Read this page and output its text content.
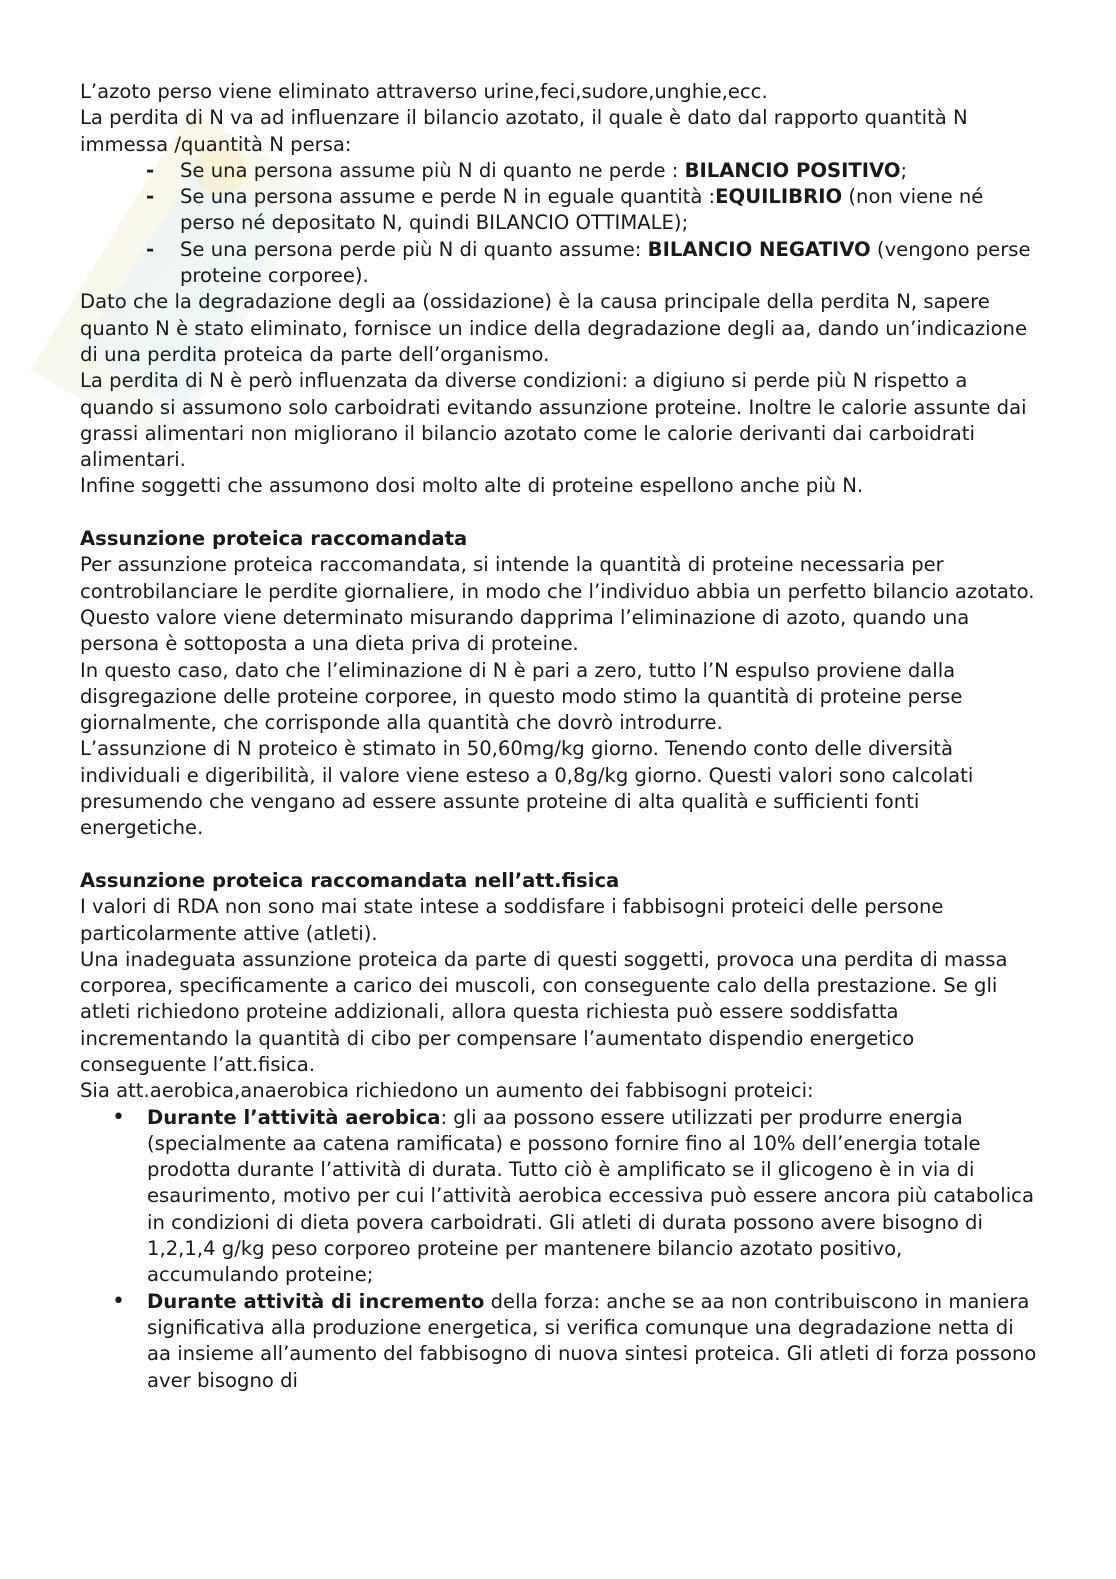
L’azoto perso viene eliminato attraverso urine,feci,sudore,unghie,ecc.

La perdita di N va ad influenzare il bilancio azotato, il quale è dato dal rapporto quantità N immessa /quantità N persa:

- Se una persona assume più N di quanto ne perde : BILANCIO POSITIVO;
- Se una persona assume e perde N in eguale quantità :EQUILIBRIO (non viene né perso né depositato N, quindi BILANCIO OTTIMALE);
- Se una persona perde più N di quanto assume: BILANCIO NEGATIVO (vengono perse proteine corporee).

Dato che la degradazione degli aa (ossidazione) è la causa principale della perdita N, sapere quanto N è stato eliminato, fornisce un indice della degradazione degli aa, dando un’indicazione di una perdita proteica da parte dell’organismo.

La perdita di N è però influenzata da diverse condizioni: a digiuno si perde più N rispetto a quando si assumono solo carboidrati evitando assunzione proteine. Inoltre le calorie assunte dai grassi alimentari non migliorano il bilancio azotato come le calorie derivanti dai carboidrati alimentari.

Infine soggetti che assumono dosi molto alte di proteine espellono anche più N.

Assunzione proteica raccomandata

Per assunzione proteica raccomandata, si intende la quantità di proteine necessaria per controbilanciare le perdite giornaliere, in modo che l’individuo abbia un perfetto bilancio azotato.

Questo valore viene determinato misurando dapprima l’eliminazione di azoto, quando una persona è sottoposta a una dieta priva di proteine.

In questo caso, dato che l’eliminazione di N è pari a zero, tutto l’N espulso proviene dalla disgregazione delle proteine corporee, in questo modo stimo la quantità di proteine perse giornalmente, che corrisponde alla quantità che dovrò introdurre.

L’assunzione di N proteico è stimato in 50,60mg/kg giorno. Tenendo conto delle diversità individuali e digeribilità, il valore viene esteso a 0,8g/kg giorno. Questi valori sono calcolati presumendo che vengano ad essere assunte proteine di alta qualità e sufficienti fonti energetiche.

Assunzione proteica raccomandata nell’att.fisica

I valori di RDA non sono mai state intese a soddisfare i fabbisogni proteici delle persone particolarmente attive (atleti).

Una inadeguata assunzione proteica da parte di questi soggetti, provoca una perdita di massa corporea, specificamente a carico dei muscoli, con conseguente calo della prestazione. Se gli atleti richiedono proteine addizionali, allora questa richiesta può essere soddisfatta incrementando la quantità di cibo per compensare l’aumentato dispendio energetico conseguente l’att.fisica.

Sia att.aerobica,anaerobica richiedono un aumento dei fabbisogni proteici:

• Durante l’attività aerobica: gli aa possono essere utilizzati per produrre energia (specialmente aa catena ramificata) e possono fornire fino al 10% dell’energia totale prodotta durante l’attività di durata. Tutto ciò è amplificato se il glicogeno è in via di esaurimento, motivo per cui l’attività aerobica eccessiva può essere ancora più catabolica in condizioni di dieta povera carboidrati. Gli atleti di durata possono avere bisogno di 1,2,1,4 g/kg peso corporeo proteine per mantenere bilancio azotato positivo, accumulando proteine;
• Durante attività di incremento della forza: anche se aa non contribuiscono in maniera significativa alla produzione energetica, si verifica comunque una degradazione netta di aa insieme all’aumento del fabbisogno di nuova sintesi proteica. Gli atleti di forza possono aver bisogno di
